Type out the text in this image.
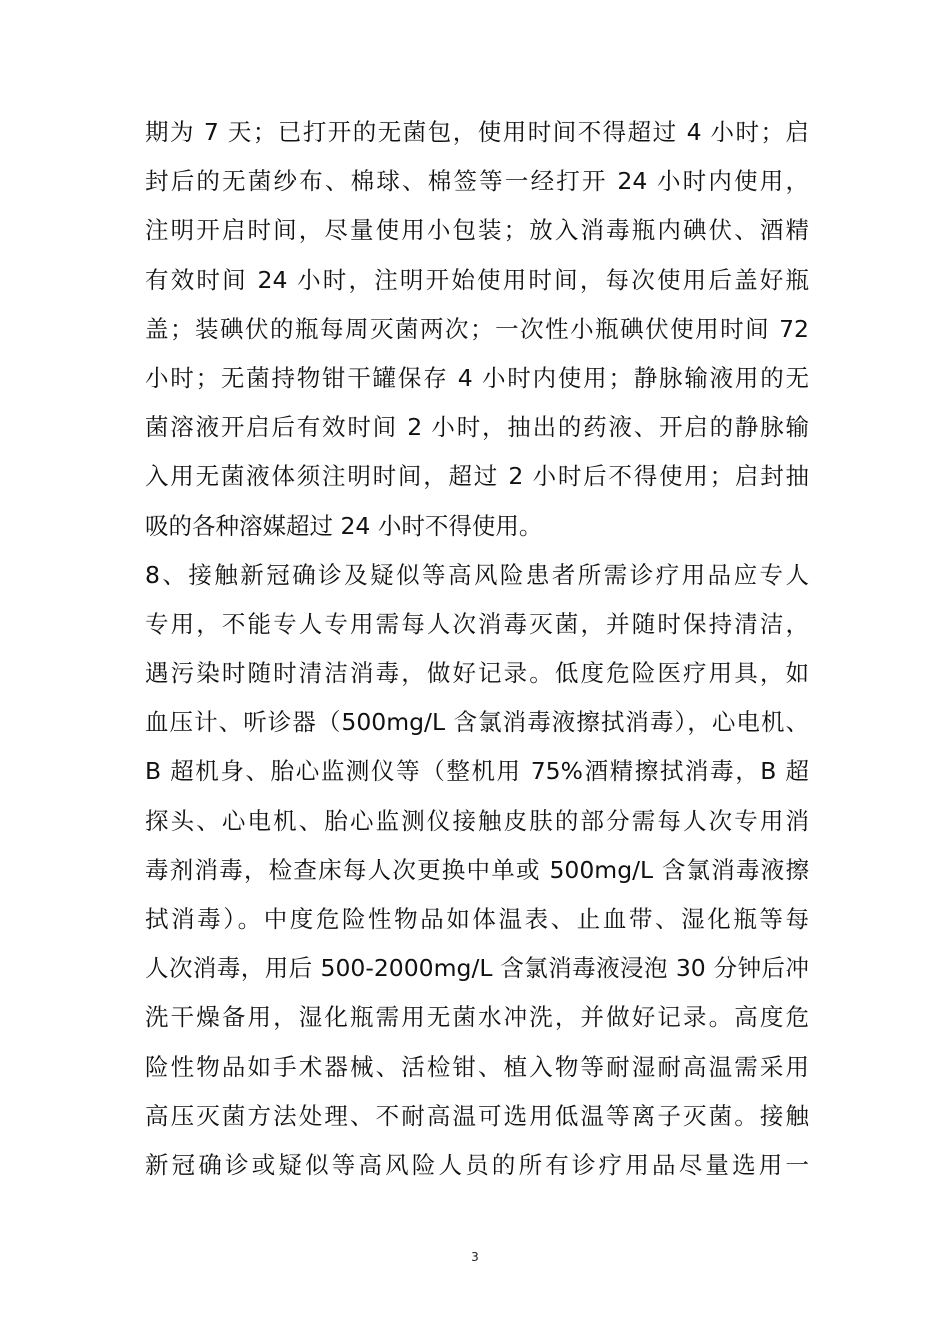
期为 7 天；已打开的无菌包，使用时间不得超过 4 小时；启
封后的无菌纱布、棉球、棉签等一经打开 24 小时内使用，
注明开启时间，尽量使用小包装；放入消毒瓶内碘伏、酒精
有效时间 24 小时，注明开始使用时间，每次使用后盖好瓶
盖；装碘伏的瓶每周灭菌两次；一次性小瓶碘伏使用时间 72
小时；无菌持物钳干罐保存 4 小时内使用；静脉输液用的无
菌溶液开启后有效时间 2 小时，抽出的药液、开启的静脉输
入用无菌液体须注明时间，超过 2 小时后不得使用；启封抽
吸的各种溶媒超过 24 小时不得使用。
8、接触新冠确诊及疑似等高风险患者所需诊疗用品应专人
专用，不能专人专用需每人次消毒灭菌，并随时保持清洁，
遇污染时随时清洁消毒，做好记录。低度危险医疗用具，如
血压计、听诊器（500mg/L 含氯消毒液擦拭消毒），心电机、
B 超机身、胎心监测仪等（整机用 75%酒精擦拭消毒，B 超
探头、心电机、胎心监测仪接触皮肤的部分需每人次专用消
毒剂消毒，检查床每人次更换中单或 500mg/L 含氯消毒液擦
拭消毒）。中度危险性物品如体温表、止血带、湿化瓶等每
人次消毒，用后 500-2000mg/L 含氯消毒液浸泡 30 分钟后冲
洗干燥备用，湿化瓶需用无菌水冲洗，并做好记录。高度危
险性物品如手术器械、活检钳、植入物等耐湿耐高温需采用
高压灭菌方法处理、不耐高温可选用低温等离子灭菌。接触
新冠确诊或疑似等高风险人员的所有诊疗用品尽量选用一
3
